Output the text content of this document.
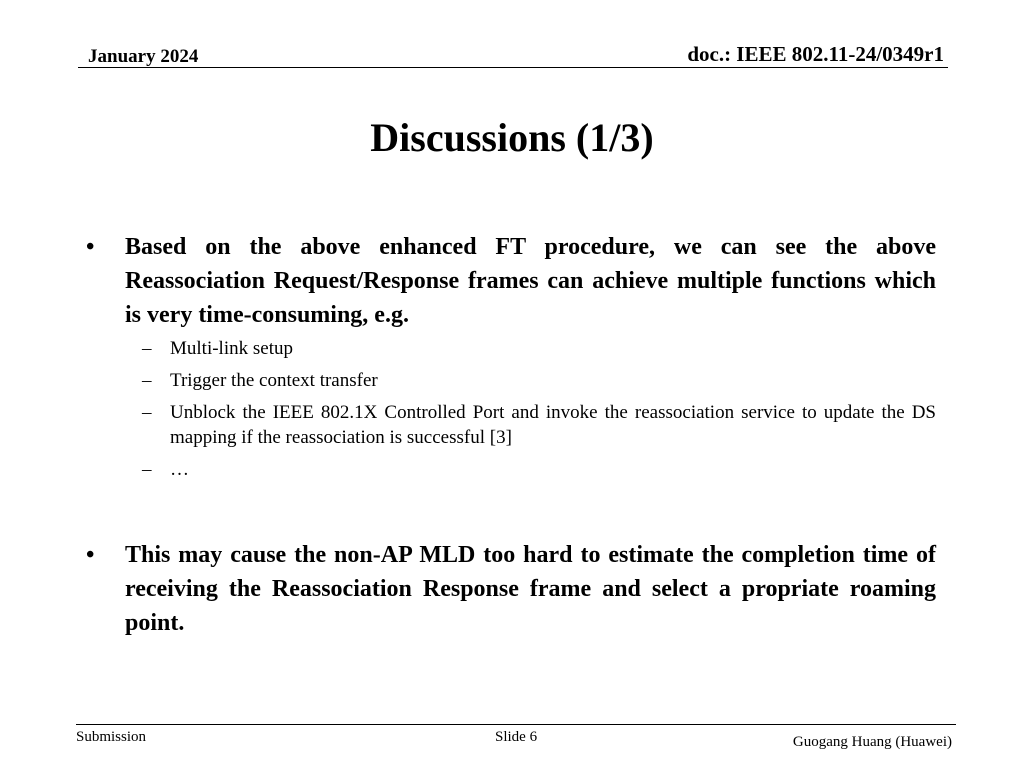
January 2024	doc.: IEEE 802.11-24/0349r1
Discussions (1/3)
•	Based on the above enhanced FT procedure, we can see the above Reassociation Request/Response frames can achieve multiple functions which is very time-consuming, e.g.
– Multi-link setup
– Trigger the context transfer
– Unblock the IEEE 802.1X Controlled Port and invoke the reassociation service to update the DS mapping if the reassociation is successful [3]
– …
•	This may cause the non-AP MLD too hard to estimate the completion time of receiving the Reassociation Response frame and select a propriate roaming point.
Submission	Slide 6	Guogang Huang (Huawei)
